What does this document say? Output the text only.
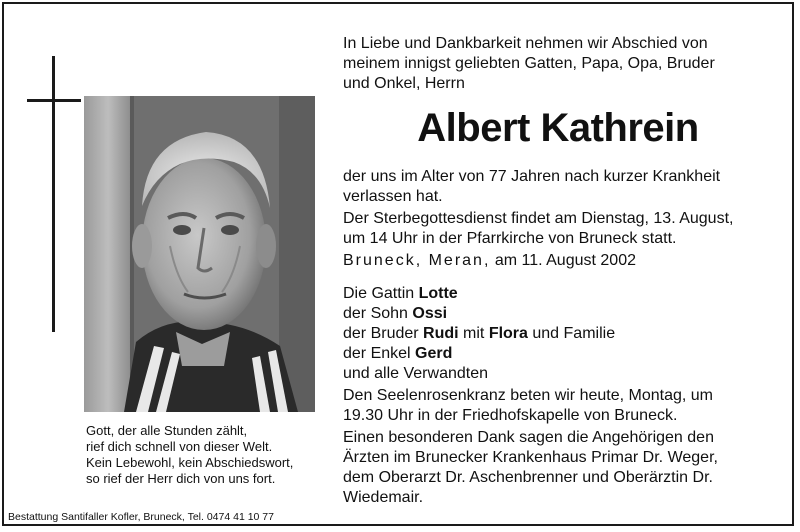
Gott, der alle Stunden zählt,
rief dich schnell von dieser Welt.
Kein Lebewohl, kein Abschiedswort,
so rief der Herr dich von uns fort.
Bestattung Santifaller Kofler, Bruneck, Tel. 0474 41 10 77
In Liebe und Dankbarkeit nehmen wir Abschied von
meinem innigst geliebten Gatten, Papa, Opa, Bruder
und Onkel, Herrn
Albert Kathrein
der uns im Alter von 77 Jahren nach kurzer Krankheit
verlassen hat.
Der Sterbegottesdienst findet am Dienstag, 13. August,
um 14 Uhr in der Pfarrkirche von Bruneck statt.
Bruneck, Meran, am 11. August 2002
Die Gattin Lotte
der Sohn Ossi
der Bruder Rudi mit Flora und Familie
der Enkel Gerd
und alle Verwandten
Den Seelenrosenkranz beten wir heute, Montag, um
19.30 Uhr in der Friedhofskapelle von Bruneck.
Einen besonderen Dank sagen die Angehörigen den
Ärzten im Brunecker Krankenhaus Primar Dr. Weger,
dem Oberarzt Dr. Aschenbrenner und Oberärztin Dr.
Wiedemair.
